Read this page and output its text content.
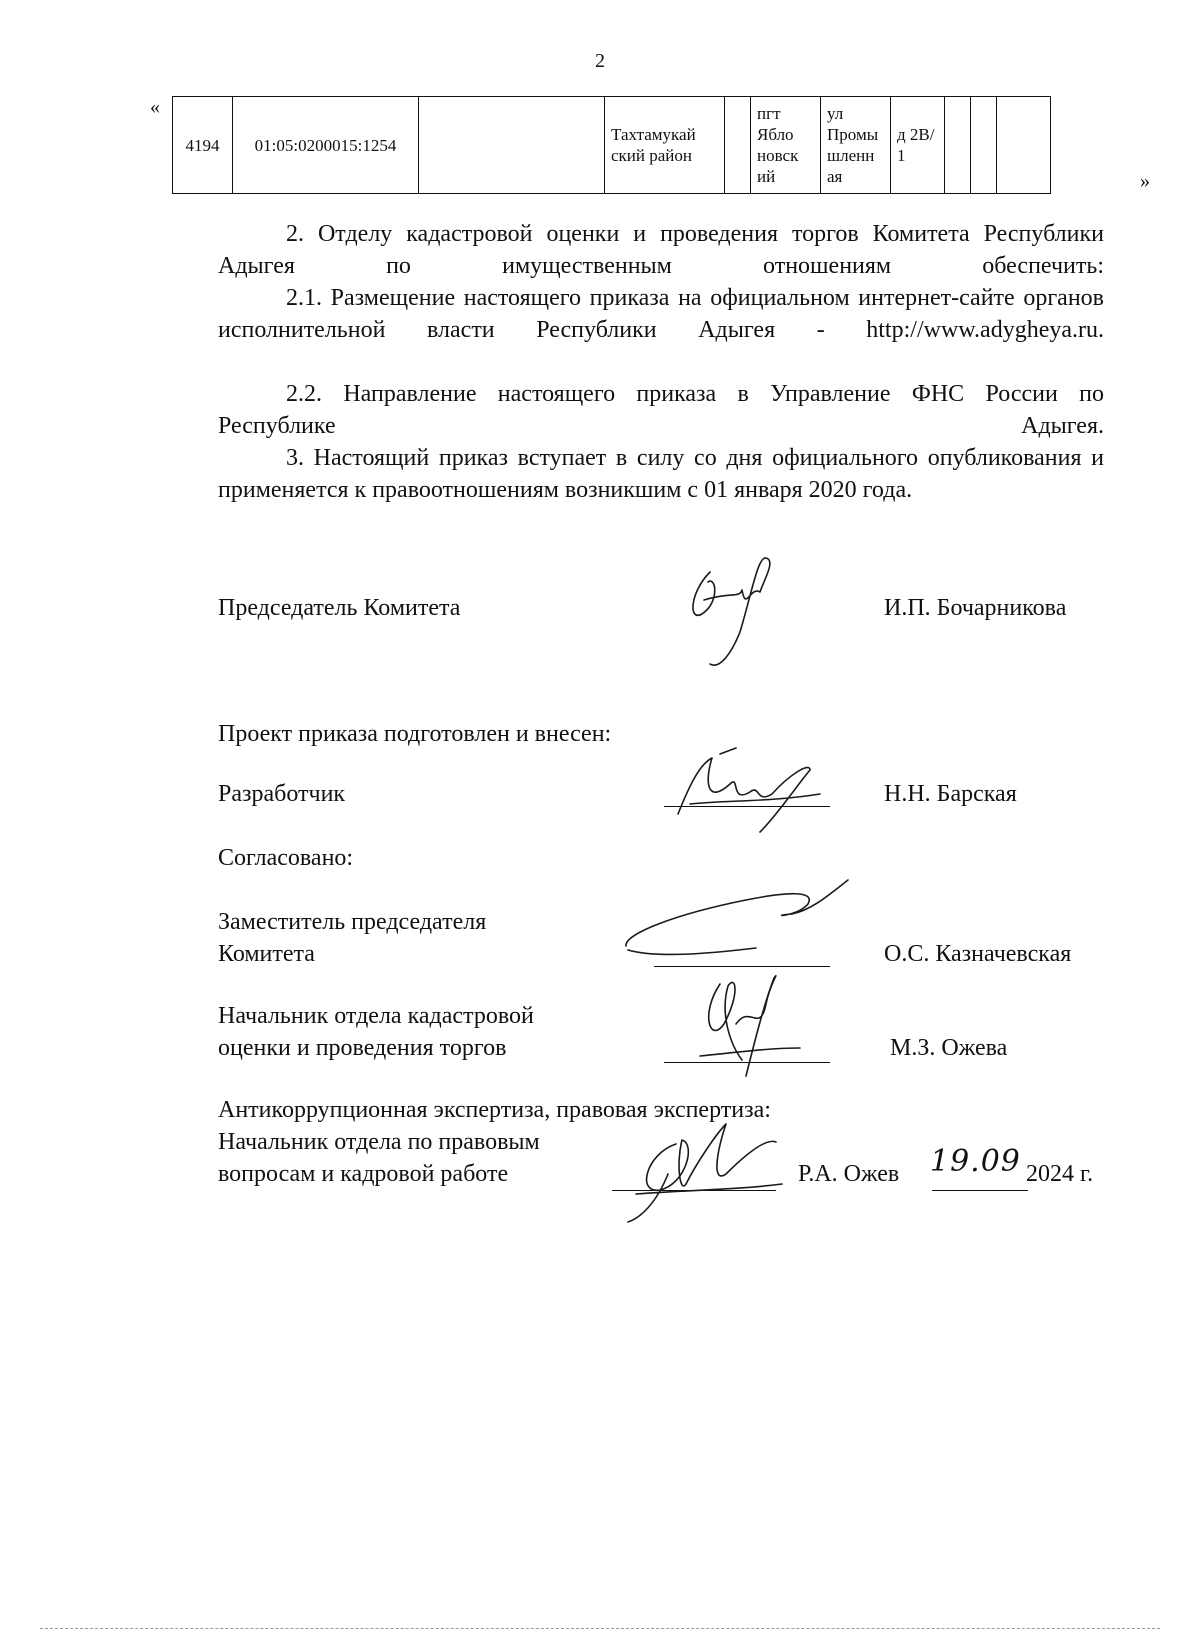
2
«
4194	01:05:0200015:1254		Тахтамукай ский район		пгт Ябло новск ий	ул Промы шленн ая	д 2В/ 1			
»
2. Отделу кадастровой оценки и проведения торгов Комитета Республики Адыгея по имущественным отношениям обеспечить:
2.1. Размещение настоящего приказа на официальном интернет-сайте органов исполнительной власти Республики Адыгея - http://www.adygheya.ru.
2.2. Направление настоящего приказа в Управление ФНС России по Республике Адыгея.
3. Настоящий приказ вступает в силу со дня официального опубликования и применяется к правоотношениям возникшим с 01 января 2020 года.
Председатель Комитета	И.П. Бочарникова
Проект приказа подготовлен и внесен:
Разработчик	Н.Н. Барская
Согласовано:
Заместитель председателя
Комитета	О.С. Казначевская
Начальник отдела кадастровой
оценки и проведения торгов	М.З. Ожева
Антикоррупционная экспертиза, правовая экспертиза:
Начальник отдела по правовым
вопросам и кадровой работе	Р.А. Ожев 19.09 2024 г.
